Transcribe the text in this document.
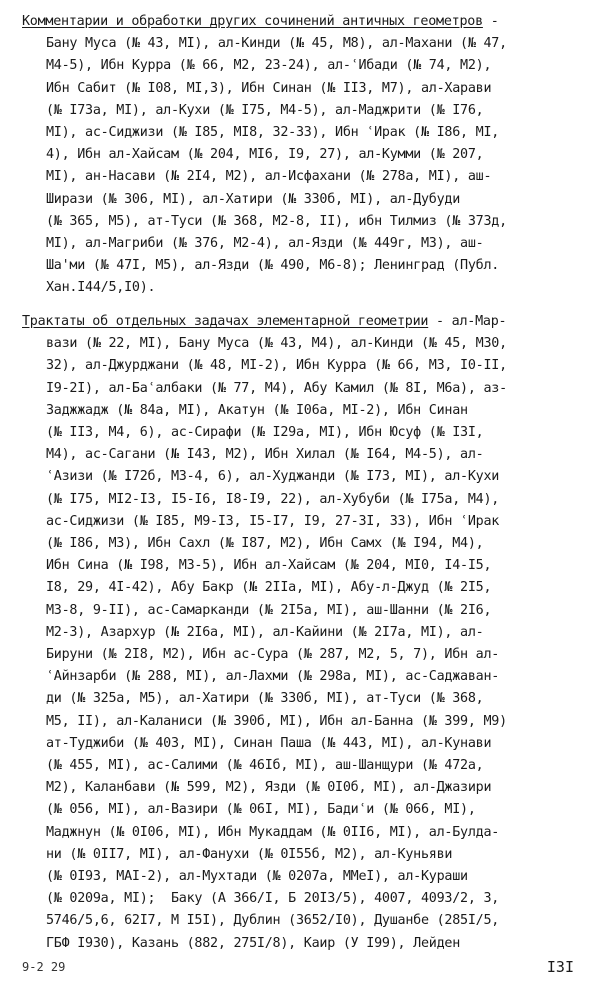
Комментарии и обработки других сочинений античных геометров -

Бану Муса (№ 43, MI), ал-Кинди (№ 45, M8), ал-Махани (№ 47,

M4-5), Ибн Курра (№ 66, M2, 23-24), ал-ʿИбади (№ 74, M2),

Ибн Сабит (№ I08, MI,3), Ибн Синан (№ II3, M7), ал-Харави

(№ I73а, MI), ал-Кухи (№ I75, M4-5), ал-Маджрити (№ I76,

MI), ас-Сиджизи (№ I85, MI8, 32-33), Ибн ʿИрак (№ I86, MI,

4), Ибн ал-Хайсам (№ 204, MI6, I9, 27), ал-Кумми (№ 207,

MI), ан-Насави (№ 2I4, M2), ал-Исфахани (№ 278а, MI), аш-

Ширази (№ 306, MI), ал-Хатири (№ 330б, MI), ал-Дубуди

(№ 365, M5), ат-Туси (№ 368, M2-8, II), ибн Тилмиз (№ 373д,

MI), ал-Магриби (№ 376, M2-4), ал-Язди (№ 449г, M3), аш-

Ша'ми (№ 47I, M5), ал-Язди (№ 490, M6-8); Ленинград (Публ.

Хан.I44/5,I0).

Трактаты об отдельных задачах элементарной геометрии - ал-Мар-

вази (№ 22, MI), Бану Муса (№ 43, M4), ал-Кинди (№ 45, M30,

32), ал-Джурджани (№ 48, MI-2), Ибн Курра (№ 66, M3, I0-II,

I9-2I), ал-Баʿалбаки (№ 77, M4), Абу Камил (№ 8I, M6а), аз-

Заджжадж (№ 84а, MI), Акатун (№ I06а, MI-2), Ибн Синан

(№ II3, M4, 6), ас-Сирафи (№ I29а, MI), Ибн Юсуф (№ I3I,

M4), ас-Сагани (№ I43, M2), Ибн Хилал (№ I64, M4-5), ал-

ʿАзизи (№ I72б, M3-4, 6), ал-Худжанди (№ I73, MI), ал-Кухи

(№ I75, MI2-I3, I5-I6, I8-I9, 22), ал-Хубуби (№ I75а, M4),

ас-Сиджизи (№ I85, M9-I3, I5-I7, I9, 27-3I, 33), Ибн ʿИрак

(№ I86, M3), Ибн Сахл (№ I87, M2), Ибн Самх (№ I94, M4),

Ибн Сина (№ I98, M3-5), Ибн ал-Хайсам (№ 204, MI0, I4-I5,

I8, 29, 4I-42), Абу Бакр (№ 2IIа, MI), Абу-л-Джуд (№ 2I5,

M3-8, 9-II), ас-Самарканди (№ 2I5а, MI), аш-Шанни (№ 2I6,

M2-3), Азархур (№ 2I6а, MI), ал-Кайини (№ 2I7а, MI), ал-

Бируни (№ 2I8, M2), Ибн ас-Сура (№ 287, M2, 5, 7), Ибн ал-

ʿАйнзарби (№ 288, MI), ал-Лахми (№ 298а, MI), ас-Саджаван-

ди (№ 325а, M5), ал-Хатири (№ 330б, MI), ат-Туси (№ 368,

M5, II), ал-Каланиси (№ 390б, MI), Ибн ал-Банна (№ 399, M9)

ат-Туджиби (№ 403, MI), Синан Паша (№ 443, MI), ал-Кунави

(№ 455, MI), ас-Салими (№ 46Iб, MI), аш-Шанщури (№ 472а,

M2), Каланбави (№ 599, M2), Язди (№ 0I0б, MI), ал-Джазири

(№ 056, MI), ал-Вазири (№ 06I, MI), Бадиʿи (№ 066, MI),

Маджнун (№ 0I06, MI), Ибн Мукаддам (№ 0II6, MI), ал-Булда-

ни (№ 0II7, MI), ал-Фанухи (№ 0I55б, M2), ал-Куньяви

(№ 0I93, MAI-2), ал-Мухтади (№ 0207а, MMeI), ал-Кураши

(№ 0209а, MI);  Баку (А 366/I, Б 20I3/5), 4007, 4093/2, 3,

5746/5,6, 62I7, M I5I), Дублин (3652/I0), Душанбе (285I/5,

ГБФ I930), Казань (882, 275I/8), Каир (У I99), Лейден

9-2 29	I3I
